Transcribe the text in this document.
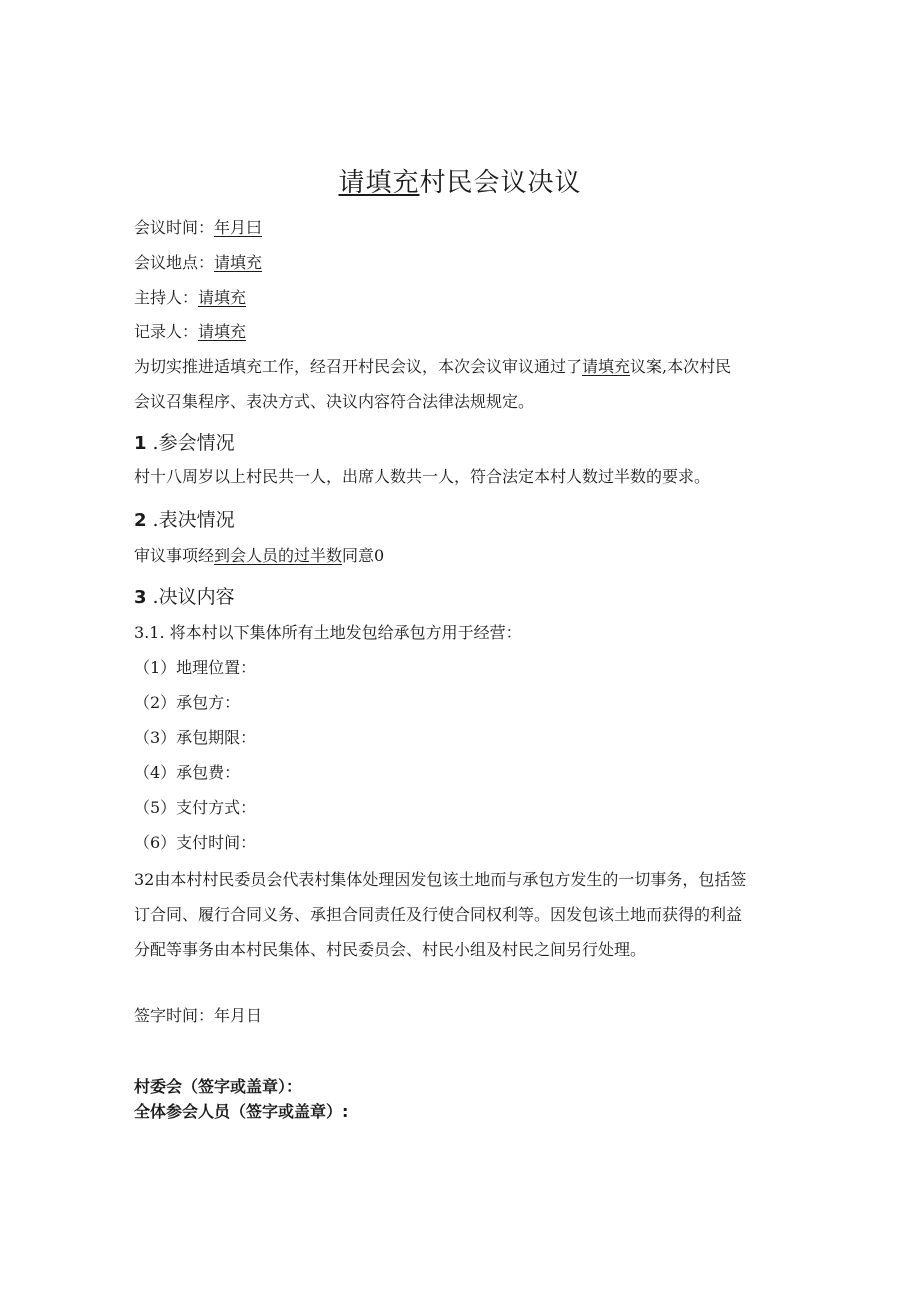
请填充村民会议决议
会议时间：年月曰
会议地点：请填充
主持人：请填充
记录人：请填充
为切实推进适填充工作，经召开村民会议，本次会议审议通过了请填充议案,本次村民
会议召集程序、表决方式、决议内容符合法律法规规定。
1 .参会情况
村十八周岁以上村民共一人，出席人数共一人，符合法定本村人数过半数的要求。
2 .表决情况
审议事项经到会人员的过半数同意0
3 .决议内容
3.1. 将本村以下集体所有土地发包给承包方用于经营：
（1）地理位置：
（2）承包方：
（3）承包期限：
（4）承包费：
（5）支付方式：
（6）支付时间：
32由本村村民委员会代表村集体处理因发包该土地而与承包方发生的一切事务，包括签
订合同、履行合同义务、承担合同责任及行使合同权利等。因发包该土地而获得的利益
分配等事务由本村民集体、村民委员会、村民小组及村民之间另行处理。
签字时间：年月日
村委会（签字或盖章）：
全体参会人员（签字或盖章）:
